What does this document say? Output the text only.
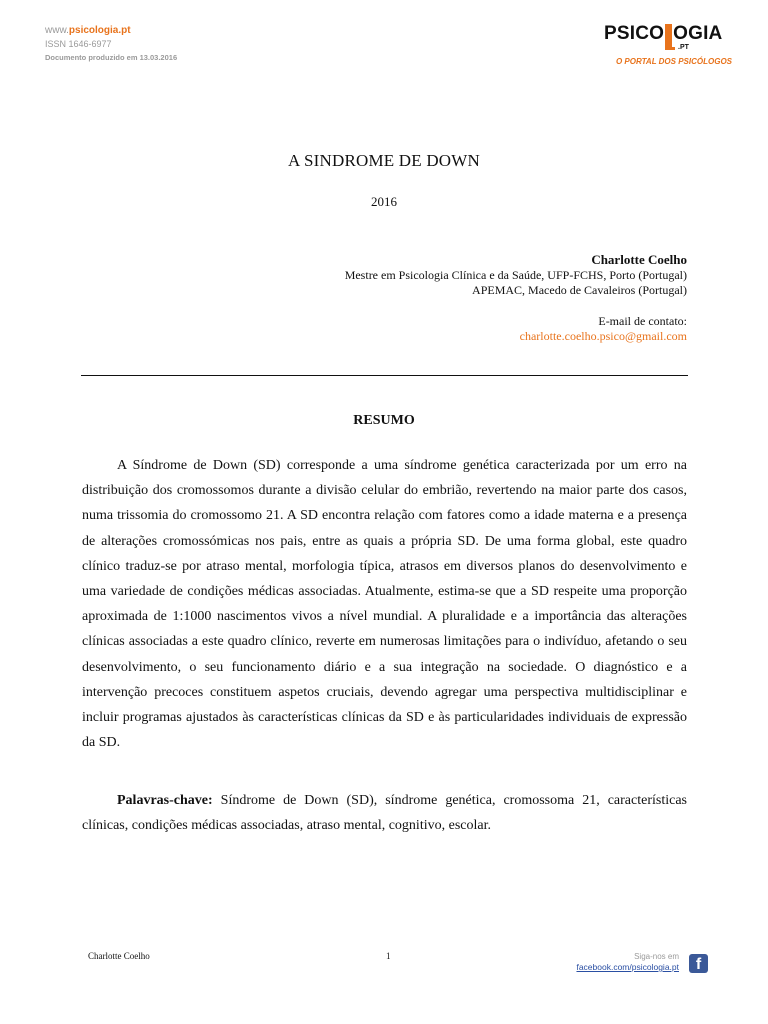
www.psicologia.pt
ISSN 1646-6977
Documento produzido em 13.03.2016
PSICO OGIA
.PT
O PORTAL DOS PSICÓLOGOS
A SINDROME DE DOWN
2016
Charlotte Coelho
Mestre em Psicologia Clínica e da Saúde, UFP-FCHS, Porto (Portugal)
APEMAC, Macedo de Cavaleiros (Portugal)
E-mail de contato:
charlotte.coelho.psico@gmail.com
RESUMO

A Síndrome de Down (SD) corresponde a uma síndrome genética caracterizada por um erro na distribuição dos cromossomos durante a divisão celular do embrião, revertendo na maior parte dos casos, numa trissomia do cromossomo 21. A SD encontra relação com fatores como a idade materna e a presença de alterações cromossómicas nos pais, entre as quais a própria SD. De uma forma global, este quadro clínico traduz-se por atraso mental, morfologia típica, atrasos em diversos planos do desenvolvimento e uma variedade de condições médicas associadas. Atualmente, estima-se que a SD respeite uma proporção aproximada de 1:1000 nascimentos vivos a nível mundial. A pluralidade e a importância das alterações clínicas associadas a este quadro clínico, reverte em numerosas limitações para o indivíduo, afetando o seu desenvolvimento, o seu funcionamento diário e a sua integração na sociedade. O diagnóstico e a intervenção precoces constituem aspetos cruciais, devendo agregar uma perspectiva multidisciplinar e incluir programas ajustados às características clínicas da SD e às particularidades individuais de expressão da SD.

Palavras-chave: Síndrome de Down (SD), síndrome genética, cromossoma 21, características clínicas, condições médicas associadas, atraso mental, cognitivo, escolar.

Charlotte Coelho	1	Siga-nos em
facebook.com/psicologia.pt	f
